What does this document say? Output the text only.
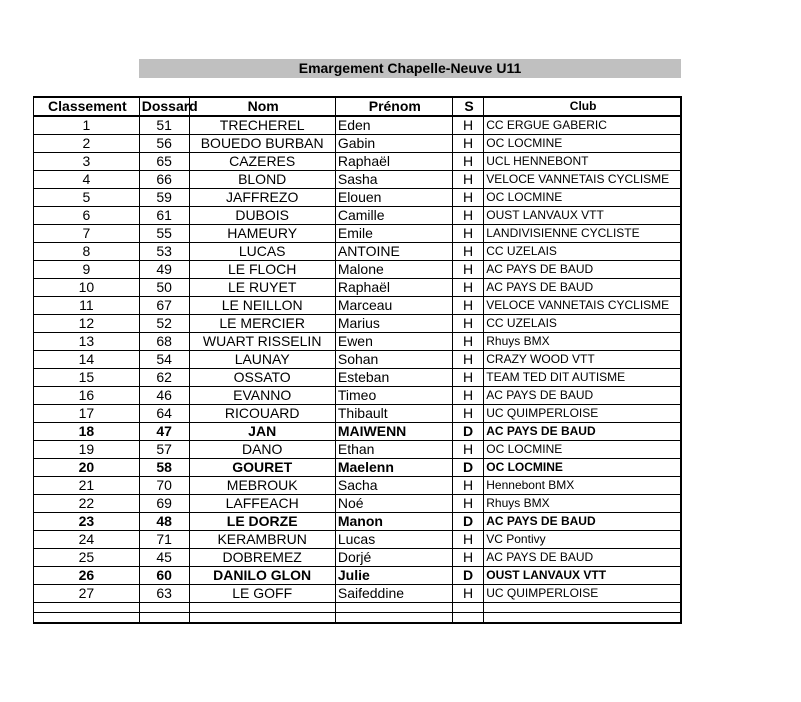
Emargement Chapelle-Neuve U11
Classement	Dossard	Nom	Prénom	S	Club
1	51	TRECHEREL	Eden	H	CC ERGUE GABERIC
2	56	BOUEDO BURBAN	Gabin	H	OC LOCMINE
3	65	CAZERES	Raphaël	H	UCL HENNEBONT
4	66	BLOND	Sasha	H	VELOCE VANNETAIS CYCLISME
5	59	JAFFREZO	Elouen	H	OC LOCMINE
6	61	DUBOIS	Camille	H	OUST LANVAUX VTT
7	55	HAMEURY	Emile	H	LANDIVISIENNE CYCLISTE
8	53	LUCAS	ANTOINE	H	CC UZELAIS
9	49	LE FLOCH	Malone	H	AC PAYS DE BAUD
10	50	LE RUYET	Raphaël	H	AC PAYS DE BAUD
11	67	LE NEILLON	Marceau	H	VELOCE VANNETAIS CYCLISME
12	52	LE MERCIER	Marius	H	CC UZELAIS
13	68	WUART RISSELIN	Ewen	H	Rhuys BMX
14	54	LAUNAY	Sohan	H	CRAZY WOOD VTT
15	62	OSSATO	Esteban	H	TEAM TED DIT AUTISME
16	46	EVANNO	Timeo	H	AC PAYS DE BAUD
17	64	RICOUARD	Thibault	H	UC QUIMPERLOISE
18	47	JAN	MAIWENN	D	AC PAYS DE BAUD
19	57	DANO	Ethan	H	OC LOCMINE
20	58	GOURET	Maelenn	D	OC LOCMINE
21	70	MEBROUK	Sacha	H	Hennebont BMX
22	69	LAFFEACH	Noé	H	Rhuys BMX
23	48	LE DORZE	Manon	D	AC PAYS DE BAUD
24	71	KERAMBRUN	Lucas	H	VC Pontivy
25	45	DOBREMEZ	Dorjé	H	AC PAYS DE BAUD
26	60	DANILO GLON	Julie	D	OUST LANVAUX VTT
27	63	LE GOFF	Saifeddine	H	UC QUIMPERLOISE
